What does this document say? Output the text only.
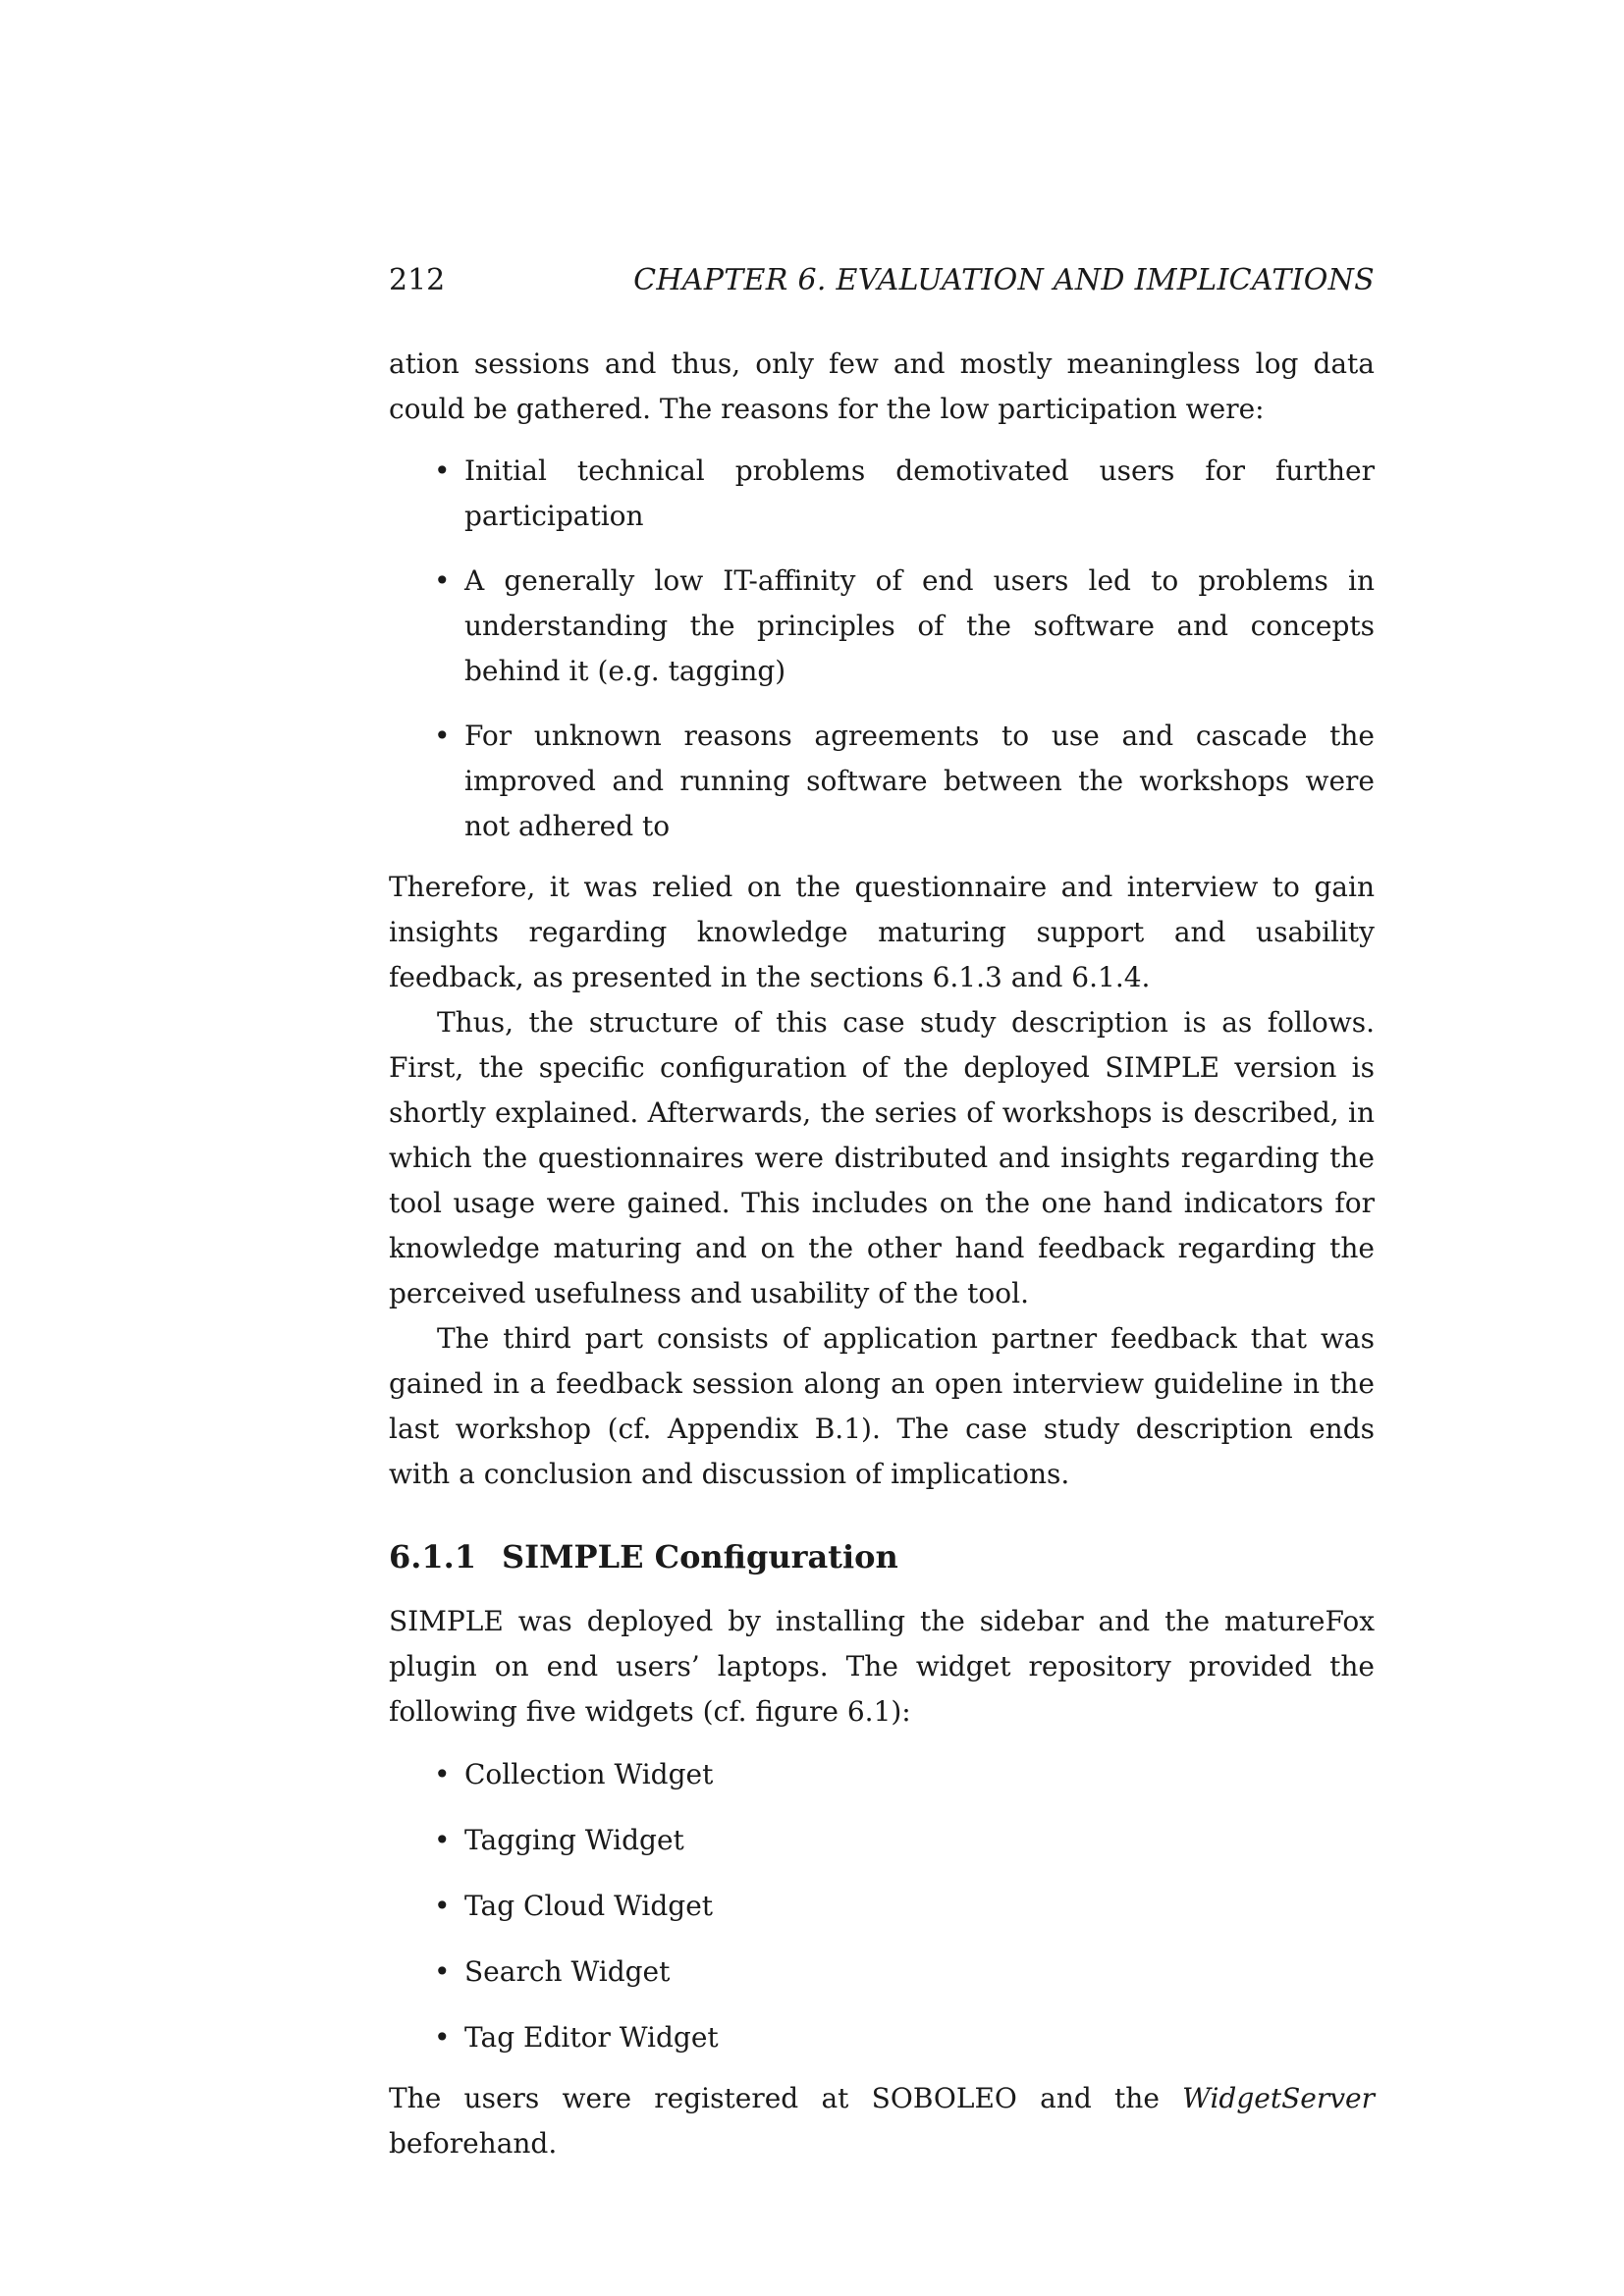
212	CHAPTER 6. EVALUATION AND IMPLICATIONS

ation sessions and thus, only few and mostly meaningless log data could be gathered. The reasons for the low participation were:

• Initial technical problems demotivated users for further participation
• A generally low IT-affinity of end users led to problems in understanding the principles of the software and concepts behind it (e.g. tagging)
• For unknown reasons agreements to use and cascade the improved and running software between the workshops were not adhered to

Therefore, it was relied on the questionnaire and interview to gain insights regarding knowledge maturing support and usability feedback, as presented in the sections 6.1.3 and 6.1.4.

Thus, the structure of this case study description is as follows. First, the specific configuration of the deployed SIMPLE version is shortly explained. Afterwards, the series of workshops is described, in which the questionnaires were distributed and insights regarding the tool usage were gained. This includes on the one hand indicators for knowledge maturing and on the other hand feedback regarding the perceived usefulness and usability of the tool.

The third part consists of application partner feedback that was gained in a feedback session along an open interview guideline in the last workshop (cf. Appendix B.1). The case study description ends with a conclusion and discussion of implications.

6.1.1 SIMPLE Configuration

SIMPLE was deployed by installing the sidebar and the matureFox plugin on end users’ laptops. The widget repository provided the following five widgets (cf. figure 6.1):

• Collection Widget
• Tagging Widget
• Tag Cloud Widget
• Search Widget
• Tag Editor Widget

The users were registered at SOBOLEO and the WidgetServer beforehand.
